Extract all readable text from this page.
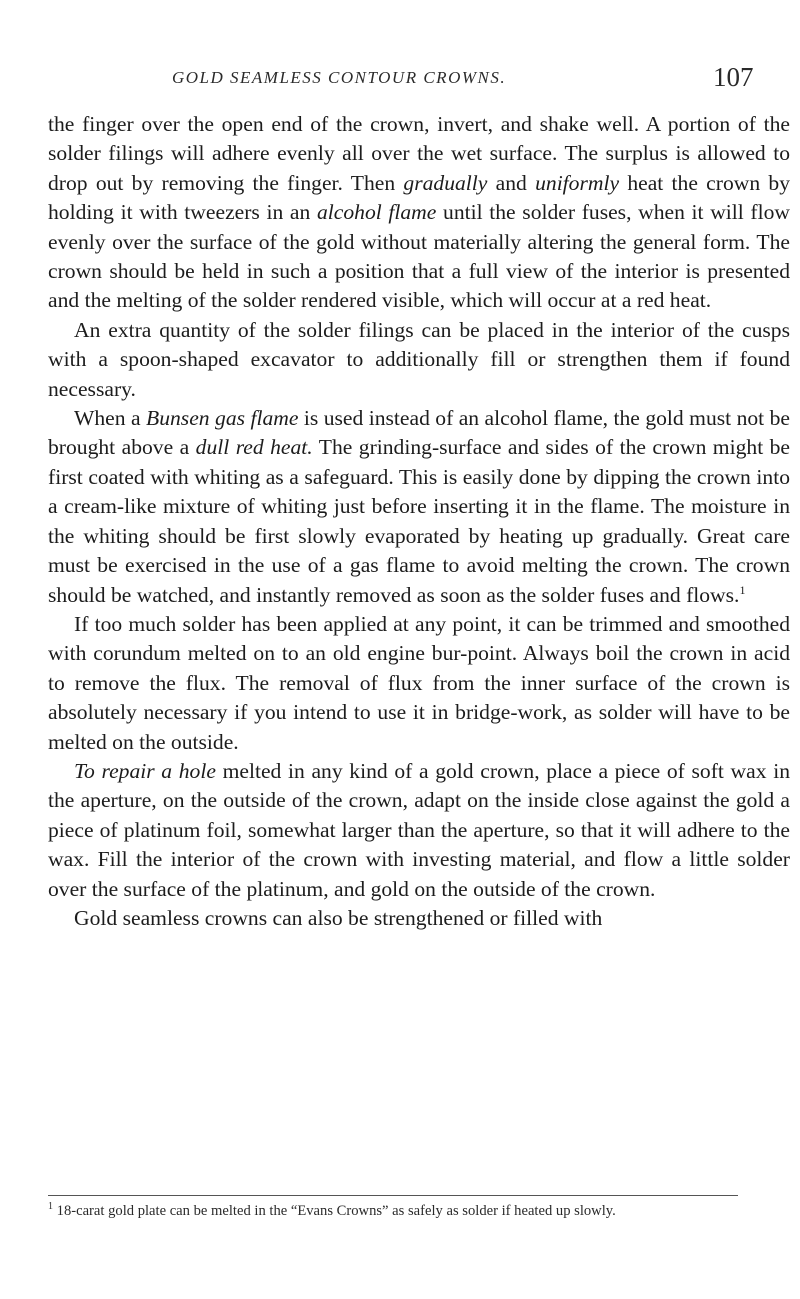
GOLD SEAMLESS CONTOUR CROWNS.	107

the finger over the open end of the crown, invert, and shake well. A portion of the solder filings will adhere evenly all over the wet surface. The surplus is allowed to drop out by removing the finger. Then gradually and uniformly heat the crown by holding it with tweezers in an alcohol flame until the solder fuses, when it will flow evenly over the surface of the gold without materially altering the general form. The crown should be held in such a position that a full view of the interior is presented and the melting of the solder rendered visible, which will occur at a red heat.

An extra quantity of the solder filings can be placed in the interior of the cusps with a spoon-shaped excavator to additionally fill or strengthen them if found necessary.

When a Bunsen gas flame is used instead of an alcohol flame, the gold must not be brought above a dull red heat. The grinding-surface and sides of the crown might be first coated with whiting as a safeguard. This is easily done by dipping the crown into a cream-like mixture of whiting just before inserting it in the flame. The moisture in the whiting should be first slowly evaporated by heating up gradually. Great care must be exercised in the use of a gas flame to avoid melting the crown. The crown should be watched, and instantly removed as soon as the solder fuses and flows.$^1$

If too much solder has been applied at any point, it can be trimmed and smoothed with corundum melted on to an old engine bur-point. Always boil the crown in acid to remove the flux. The removal of flux from the inner surface of the crown is absolutely necessary if you intend to use it in bridge-work, as solder will have to be melted on the outside.

To repair a hole melted in any kind of a gold crown, place a piece of soft wax in the aperture, on the outside of the crown, adapt on the inside close against the gold a piece of platinum foil, somewhat larger than the aperture, so that it will adhere to the wax. Fill the interior of the crown with investing material, and flow a little solder over the surface of the platinum, and gold on the outside of the crown.

Gold seamless crowns can also be strengthened or filled with

$^1$ 18-carat gold plate can be melted in the “Evans Crowns” as safely as solder if heated up slowly.
